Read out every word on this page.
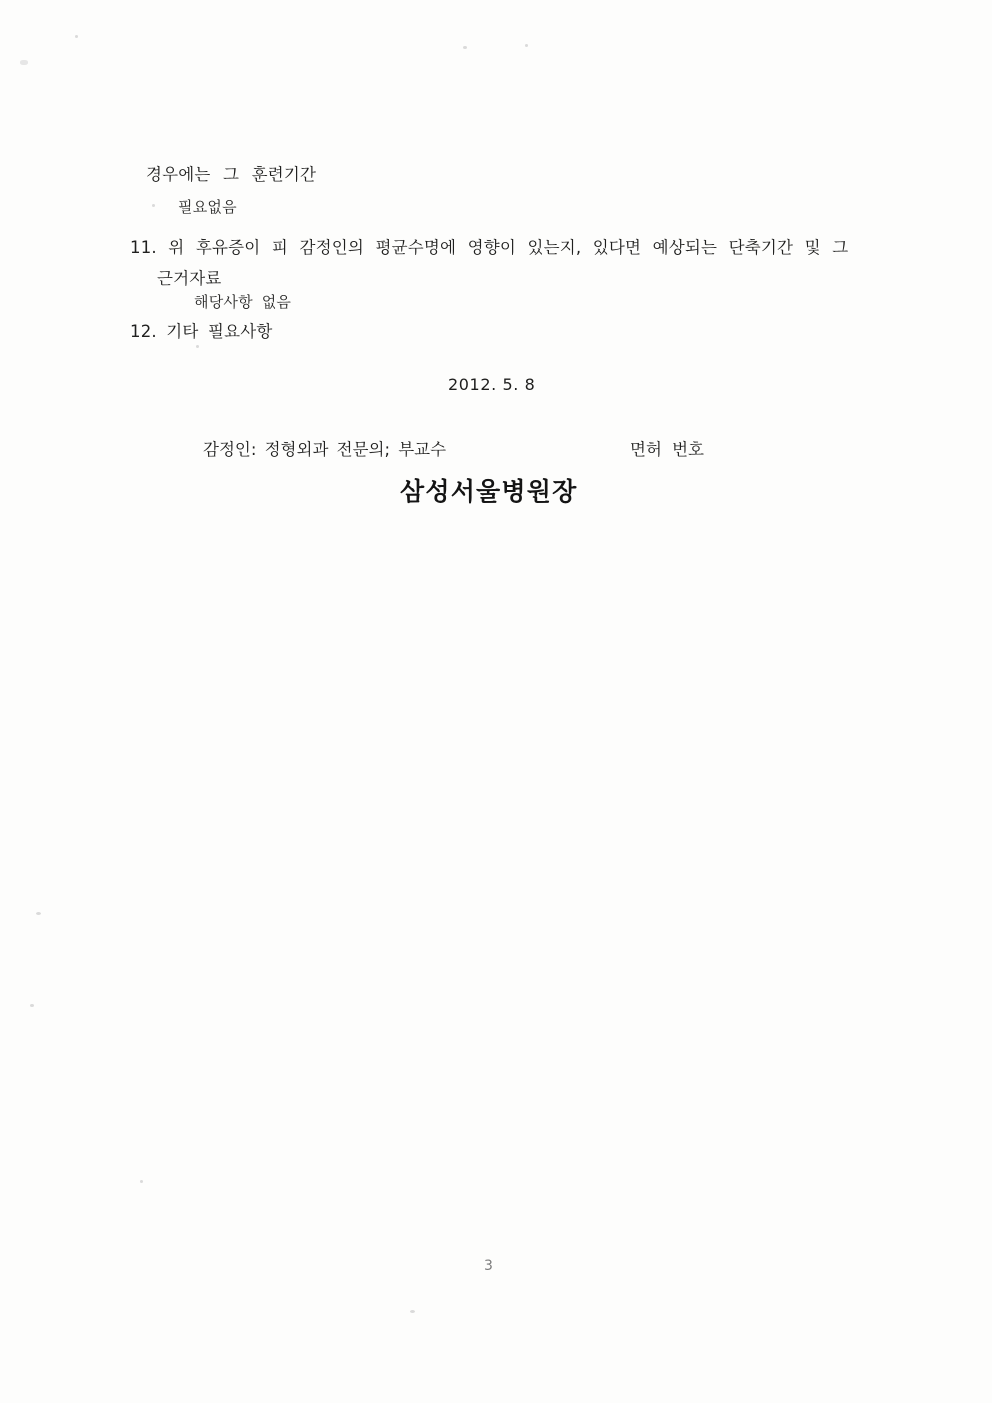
경우에는 그 훈련기간
필요없음
11. 위 후유증이 피 감정인의 평균수명에 영향이 있는지, 있다면 예상되는 단축기간 및 그
근거자료
해당사항 없음
12. 기타 필요사항
2012. 5. 8
감정인: 정형외과 전문의; 부교수	면허 번호
삼성서울병원장
3
